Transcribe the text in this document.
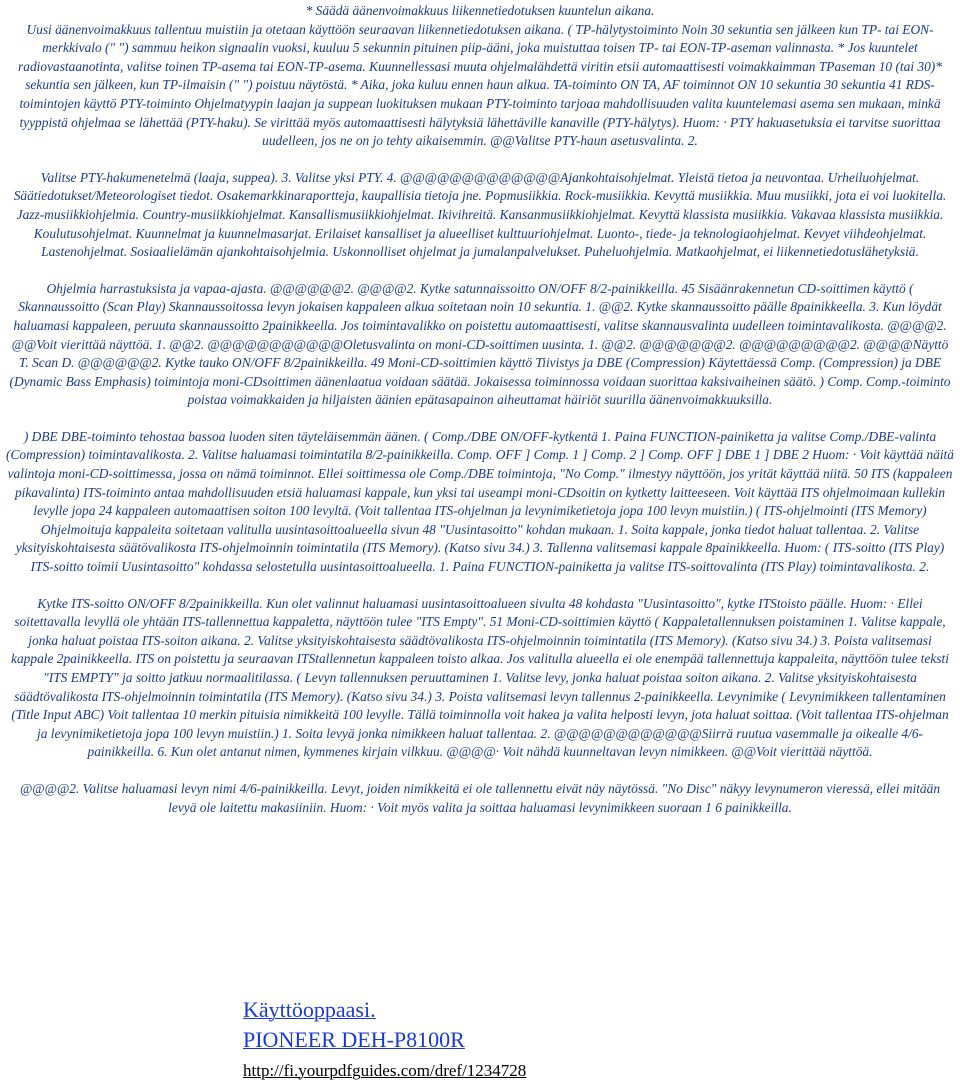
* Säädä äänenvoimakkuus liikennetiedotuksen kuuntelun aikana.

Uusi äänenvoimakkuus tallentuu muistiin ja otetaan käyttöön seuraavan liikennetiedotuksen aikana. ( TP-hälytystoiminto Noin 30 sekuntia sen jälkeen kun TP- tai EON-merkkivalo (" ") sammuu heikon signaalin vuoksi, kuuluu 5 sekunnin pituinen piip-ääni, joka muistuttaa toisen TP- tai EON-TP-aseman valinnasta. * Jos kuuntelet radiovastaanotinta, valitse toinen TP-asema tai EON-TP-asema. Kuunnellessasi muuta ohjelmalähdettä viritin etsii automaattisesti voimakkaimman TPaseman 10 (tai 30)* sekuntia sen jälkeen, kun TP-ilmaisin (" ") poistuu näytöstä. * Aika, joka kuluu ennen haun alkua. TA-toiminto ON TA, AF toiminnot ON 10 sekuntia 30 sekuntia 41 RDS-toimintojen käyttö PTY-toiminto Ohjelmatyypin laajan ja suppean luokituksen mukaan PTY-toiminto tarjoaa mahdollisuuden valita kuuntelemasi asema sen mukaan, minkä tyyppistä ohjelmaa se lähettää (PTY-haku). Se virittää myös automaattisesti hälytyksiä lähettäville kanaville (PTY-hälytys). Huom: · PTY hakuasetuksia ei tarvitse suorittaa uudelleen, jos ne on jo tehty aikaisemmin. @@Valitse PTY-haun asetusvalinta. 2.

Valitse PTY-hakumenetelmä (laaja, suppea). 3. Valitse yksi PTY. 4. @@@@@@@@@@@@@Ajankohtaisohjelmat. Yleistä tietoa ja neuvontaa. Urheiluohjelmat. Säätiedotukset/Meteorologiset tiedot. Osakemarkkinaraportteja, kaupallisia tietoja jne. Popmusiikkia. Rock-musiikkia. Kevyttä musiikkia. Muu musiikki, jota ei voi luokitella. Jazz-musiikkiohjelmia. Country-musiikkiohjelmat. Kansallismusiikkiohjelmat. Ikivihreitä. Kansanmusiikkiohjelmat. Kevyttä klassista musiikkia. Vakavaa klassista musiikkia. Koulutusohjelmat. Kuunnelmat ja kuunnelmasarjat. Erilaiset kansalliset ja alueelliset kulttuuriohjelmat. Luonto-, tiede- ja teknologiaohjelmat. Kevyet viihdeohjelmat. Lastenohjelmat. Sosiaalielämän ajankohtaisohjelmia. Uskonnolliset ohjelmat ja jumalanpalvelukset. Puheluohjelmia. Matkaohjelmat, ei liikennetiedotuslähetyksiä.

Ohjelmia harrastuksista ja vapaa-ajasta. @@@@@@2. @@@@2. Kytke satunnaissoitto ON/OFF 8/2-painikkeilla. 45 Sisäänrakennetun CD-soittimen käyttö ( Skannaussoitto (Scan Play) Skannaussoitossa levyn jokaisen kappaleen alkua soitetaan noin 10 sekuntia. 1. @@2. Kytke skannaussoitto päälle 8painikkeella. 3. Kun löydät haluamasi kappaleen, peruuta skannaussoitto 2painikkeella. Jos toimintavalikko on poistettu automaattisesti, valitse skannausvalinta uudelleen toimintavalikosta. @@@@2. @@Voit vierittää näyttöä. 1. @@2. @@@@@@@@@@@Oletusvalinta on moni-CD-soittimen uusinta. 1. @@2. @@@@@@@2. @@@@@@@@@2. @@@@Näyttö T. Scan D. @@@@@@2. Kytke tauko ON/OFF 8/2painikkeilla. 49 Moni-CD-soittimien käyttö Tiivistys ja DBE (Compression) Käytettäessä Comp. (Compression) ja DBE (Dynamic Bass Emphasis) toimintoja moni-CDsoittimen äänenlaatua voidaan säätää. Jokaisessa toiminnossa voidaan suorittaa kaksivaiheinen säätö. ) Comp. Comp.-toiminto poistaa voimakkaiden ja hiljaisten äänien epätasapainon aiheuttamat häiriöt suurilla äänenvoimakkuuksilla.

) DBE DBE-toiminto tehostaa bassoa luoden siten täyteläisemmän äänen. ( Comp./DBE ON/OFF-kytkentä 1. Paina FUNCTION-painiketta ja valitse Comp./DBE-valinta (Compression) toimintavalikosta. 2. Valitse haluamasi toimintatila 8/2-painikkeilla. Comp. OFF ] Comp. 1 ] Comp. 2 ] Comp. OFF ] DBE 1 ] DBE 2 Huom: · Voit käyttää näitä valintoja moni-CD-soittimessa, jossa on nämä toiminnot. Ellei soittimessa ole Comp./DBE toimintoja, "No Comp." ilmestyy näyttöön, jos yrität käyttää niitä. 50 ITS (kappaleen pikavalinta) ITS-toiminto antaa mahdollisuuden etsiä haluamasi kappale, kun yksi tai useampi moni-CDsoitin on kytketty laitteeseen. Voit käyttää ITS ohjelmoimaan kullekin levylle jopa 24 kappaleen automaattisen soiton 100 levyltä. (Voit tallentaa ITS-ohjelman ja levynimiketietoja jopa 100 levyn muistiin.) ( ITS-ohjelmointi (ITS Memory) Ohjelmoituja kappaleita soitetaan valitulla uusintasoittoalueella sivun 48 "Uusintasoitto" kohdan mukaan. 1. Soita kappale, jonka tiedot haluat tallentaa. 2. Valitse yksityiskohtaisesta säätövalikosta ITS-ohjelmoinnin toimintatila (ITS Memory). (Katso sivu 34.) 3. Tallenna valitsemasi kappale 8painikkeella. Huom: ( ITS-soitto (ITS Play) ITS-soitto toimii Uusintasoitto" kohdassa selostetulla uusintasoittoalueella. 1. Paina FUNCTION-painiketta ja valitse ITS-soittovalinta (ITS Play) toimintavalikosta. 2.

Kytke ITS-soitto ON/OFF 8/2painikkeilla. Kun olet valinnut haluamasi uusintasoittoalueen sivulta 48 kohdasta "Uusintasoitto", kytke ITStoisto päälle. Huom: · Ellei soitettavalla levyllä ole yhtään ITS-tallennettua kappaletta, näyttöön tulee "ITS Empty". 51 Moni-CD-soittimien käyttö ( Kappaletallennuksen poistaminen 1. Valitse kappale, jonka haluat poistaa ITS-soiton aikana. 2. Valitse yksityiskohtaisesta säädtövalikosta ITS-ohjelmoinnin toimintatila (ITS Memory). (Katso sivu 34.) 3. Poista valitsemasi kappale 2painikkeella. ITS on poistettu ja seuraavan ITStallennetun kappaleen toisto alkaa. Jos valitulla alueella ei ole enempää tallennettuja kappaleita, näyttöön tulee teksti "ITS EMPTY" ja soitto jatkuu normaalitilassa. ( Levyn tallennuksen peruuttaminen 1. Valitse levy, jonka haluat poistaa soiton aikana. 2. Valitse yksityiskohtaisesta säädtövalikosta ITS-ohjelmoinnin toimintatila (ITS Memory). (Katso sivu 34.) 3. Poista valitsemasi levyn tallennus 2-painikkeella. Levynimike ( Levynimikkeen tallentaminen (Title Input ABC) Voit tallentaa 10 merkin pituisia nimikkeitä 100 levylle. Tällä toiminnolla voit hakea ja valita helposti levyn, jota haluat soittaa. (Voit tallentaa ITS-ohjelman ja levynimiketietoja jopa 100 levyn muistiin.) 1. Soita levyä jonka nimikkeen haluat tallentaa. 2. @@@@@@@@@@@@Siirrä ruutua vasemmalle ja oikealle 4/6-painikkeilla. 6. Kun olet antanut nimen, kymmenes kirjain vilkkuu. @@@@· Voit nähdä kuunneltavan levyn nimikkeen. @@Voit vierittää näyttöä.

@@@@2. Valitse haluamasi levyn nimi 4/6-painikkeilla. Levyt, joiden nimikkeitä ei ole tallennettu eivät näy näytössä. "No Disc" näkyy levynumeron vieressä, ellei mitään levyä ole laitettu makasiiniin. Huom: · Voit myös valita ja soittaa haluamasi levynimikkeen suoraan 1 6 painikkeilla.

Käyttöoppaasi.
PIONEER DEH-P8100R
http://fi.yourpdfguides.com/dref/1234728
